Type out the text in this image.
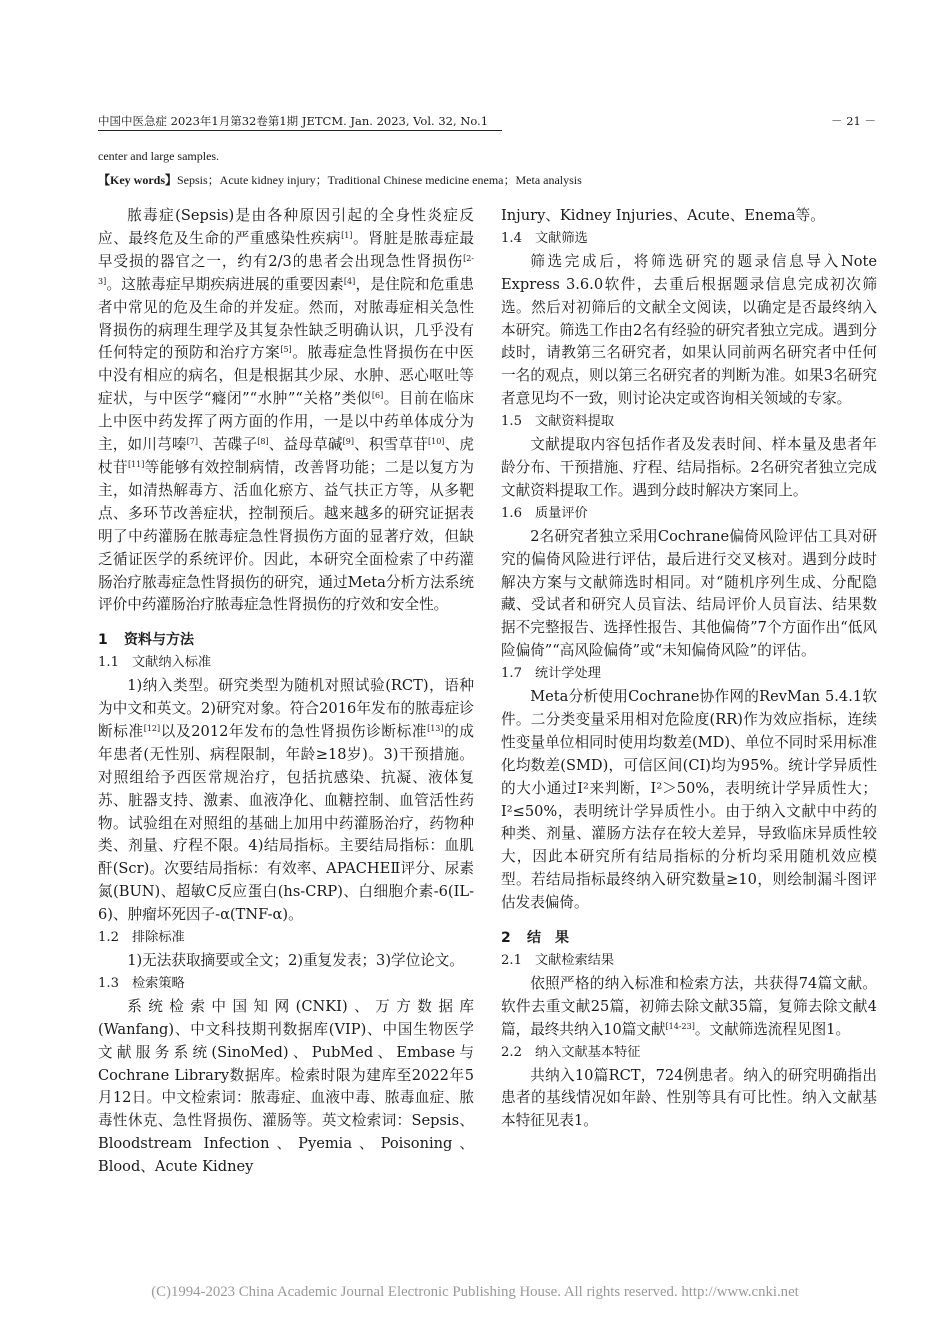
中国中医急症 2023年1月第32卷第1期 JETCM. Jan. 2023, Vol. 32, No.1	－ 21 －
center and large samples.
【Key words】Sepsis；Acute kidney injury；Traditional Chinese medicine enema；Meta analysis

脓毒症(Sepsis)是由各种原因引起的全身性炎症反应、最终危及生命的严重感染性疾病[1]。肾脏是脓毒症最早受损的器官之一，约有2/3的患者会出现急性肾损伤[2-3]。这脓毒症早期疾病进展的重要因素[4]，是住院和危重患者中常见的危及生命的并发症。然而，对脓毒症相关急性肾损伤的病理生理学及其复杂性缺乏明确认识，几乎没有任何特定的预防和治疗方案[5]。脓毒症急性肾损伤在中医中没有相应的病名，但是根据其少尿、水肿、恶心呕吐等症状，与中医学“癃闭”“水肿”“关格”类似[6]。目前在临床上中医中药发挥了两方面的作用，一是以中药单体成分为主，如川芎嗪[7]、苦碟子[8]、益母草碱[9]、积雪草苷[10]、虎杖苷[11]等能够有效控制病情，改善肾功能；二是以复方为主，如清热解毒方、活血化瘀方、益气扶正方等，从多靶点、多环节改善症状，控制预后。越来越多的研究证据表明了中药灌肠在脓毒症急性肾损伤方面的显著疗效，但缺乏循证医学的系统评价。因此，本研究全面检索了中药灌肠治疗脓毒症急性肾损伤的研究，通过Meta分析方法系统评价中药灌肠治疗脓毒症急性肾损伤的疗效和安全性。

1 资料与方法
1.1 文献纳入标准

1)纳入类型。研究类型为随机对照试验(RCT)，语种为中文和英文。2)研究对象。符合2016年发布的脓毒症诊断标准[12]以及2012年发布的急性肾损伤诊断标准[13]的成年患者(无性别、病程限制，年龄≥18岁)。3)干预措施。对照组给予西医常规治疗，包括抗感染、抗凝、液体复苏、脏器支持、激素、血液净化、血糖控制、血管活性药物。试验组在对照组的基础上加用中药灌肠治疗，药物种类、剂量、疗程不限。4)结局指标。主要结局指标：血肌酐(Scr)。次要结局指标：有效率、APACHEⅡ评分、尿素氮(BUN)、超敏C反应蛋白(hs-CRP)、白细胞介素-6(IL-6)、肿瘤坏死因子-α(TNF-α)。

1.2 排除标准

1)无法获取摘要或全文；2)重复发表；3)学位论文。

1.3 检索策略

系统检索中国知网(CNKI)、万方数据库(Wanfang)、中文科技期刊数据库(VIP)、中国生物医学文献服务系统(SinoMed)、PubMed、Embase与Cochrane Library数据库。检索时限为建库至2022年5月12日。中文检索词：脓毒症、血液中毒、脓毒血症、脓毒性休克、急性肾损伤、灌肠等。英文检索词：Sepsis、Bloodstream Infection、Pyemia、Poisoning、Blood、Acute Kidney

Injury、Kidney Injuries、Acute、Enema等。

1.4 文献筛选

筛选完成后，将筛选研究的题录信息导入Note Express 3.6.0软件，去重后根据题录信息完成初次筛选。然后对初筛后的文献全文阅读，以确定是否最终纳入本研究。筛选工作由2名有经验的研究者独立完成。遇到分歧时，请教第三名研究者，如果认同前两名研究者中任何一名的观点，则以第三名研究者的判断为准。如果3名研究者意见均不一致，则讨论决定或咨询相关领域的专家。

1.5 文献资料提取

文献提取内容包括作者及发表时间、样本量及患者年龄分布、干预措施、疗程、结局指标。2名研究者独立完成文献资料提取工作。遇到分歧时解决方案同上。

1.6 质量评价

2名研究者独立采用Cochrane偏倚风险评估工具对研究的偏倚风险进行评估，最后进行交叉核对。遇到分歧时解决方案与文献筛选时相同。对“随机序列生成、分配隐藏、受试者和研究人员盲法、结局评价人员盲法、结果数据不完整报告、选择性报告、其他偏倚”7个方面作出“低风险偏倚”“高风险偏倚”或“未知偏倚风险”的评估。

1.7 统计学处理

Meta分析使用Cochrane协作网的RevMan 5.4.1软件。二分类变量采用相对危险度(RR)作为效应指标，连续性变量单位相同时使用均数差(MD)、单位不同时采用标准化均数差(SMD)，可信区间(CI)均为95%。统计学异质性的大小通过I²来判断，I²＞50%，表明统计学异质性大；I²≤50%，表明统计学异质性小。由于纳入文献中中药的种类、剂量、灌肠方法存在较大差异，导致临床异质性较大，因此本研究所有结局指标的分析均采用随机效应模型。若结局指标最终纳入研究数量≥10，则绘制漏斗图评估发表偏倚。

2 结　果
2.1 文献检索结果

依照严格的纳入标准和检索方法，共获得74篇文献。软件去重文献25篇，初筛去除文献35篇，复筛去除文献4篇，最终共纳入10篇文献[14-23]。文献筛选流程见图1。

2.2 纳入文献基本特征

共纳入10篇RCT，724例患者。纳入的研究明确指出患者的基线情况如年龄、性别等具有可比性。纳入文献基本特征见表1。

(C)1994-2023 China Academic Journal Electronic Publishing House. All rights reserved. http://www.cnki.net
